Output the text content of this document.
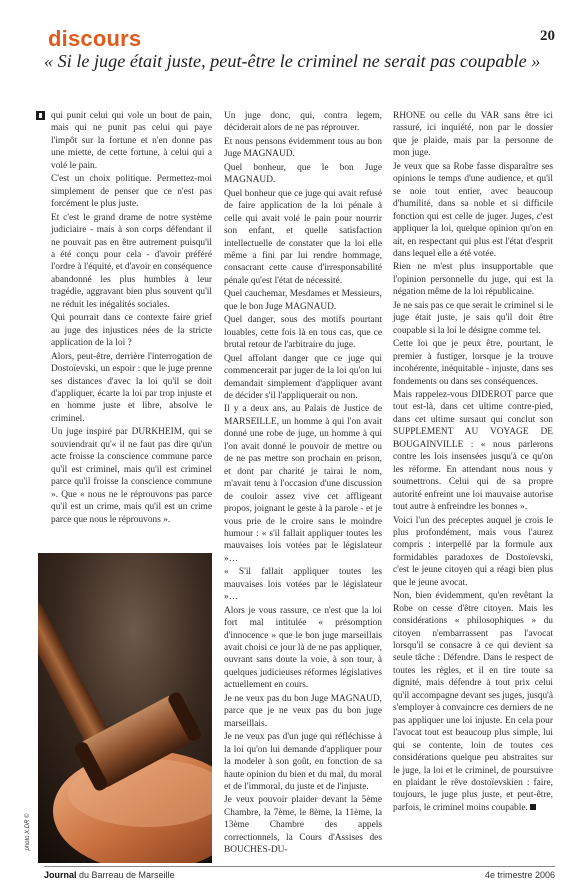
discours	20
« Si le juge était juste, peut-être le criminel ne serait pas coupable »

qui punit celui qui vole un bout de pain, mais qui ne punit pas celui qui paye l'impôt sur la fortune et n'en donne pas une miette, de cette fortune, à celui qui a volé le pain.

C'est un choix politique. Permettez-moi simplement de penser que ce n'est pas forcément le plus juste.

Et c'est le grand drame de notre système judiciaire - mais à son corps défendant il ne pouvait pas en être autrement puisqu'il a été conçu pour cela - d'avoir préféré l'ordre à l'équité, et d'avoir en conséquence abandonné les plus humbles à leur tragédie, aggravant bien plus souvent qu'il ne réduit les inégalités sociales.

Qui pourrait dans ce contexte faire grief au juge des injustices nées de la stricte application de la loi ?

Alors, peut-être, derrière l'interrogation de Dostoïevski, un espoir : que le juge prenne ses distances d'avec la loi qu'il se doit d'appliquer, écarte la loi par trop injuste et en homme juste et libre, absolve le criminel.

Un juge inspiré par DURKHEIM, qui se souviendrait qu'« il ne faut pas dire qu'un acte froisse la conscience commune parce qu'il est criminel, mais qu'il est criminel parce qu'il froisse la conscience commune ». Que « nous ne le réprouvons pas parce qu'il est un crime, mais qu'il est un crime parce que nous le réprouvons ».

photo X.DR ©

Un juge donc, qui, contra legem, déciderait alors de ne pas réprouver.

Et nous pensons évidemment tous au bon Juge MAGNAUD.

Quel bonheur, que le bon Juge MAGNAUD.

Quel bonheur que ce juge qui avait refusé de faire application de la loi pénale à celle qui avait volé le pain pour nourrir son enfant, et quelle satisfaction intellectuelle de constater que la loi elle même a fini par lui rendre hommage, consacrant cette cause d'irresponsabilité pénale qu'est l'état de nécessité.

Quel cauchemar, Mesdames et Messieurs, que le bon Juge MAGNAUD.

Quel danger, sous des motifs pourtant louables, cette fois là en tous cas, que ce brutal retour de l'arbitraire du juge.

Quel affolant danger que ce juge qui commencerait par juger de la loi qu'on lui demandait simplement d'appliquer avant de décider s'il l'appliquerait ou non.

Il y a deux ans, au Palais de Justice de MARSEILLE, un homme à qui l'on avait donné une robe de juge, un homme à qui l'on avait donné le pouvoir de mettre ou de ne pas mettre son prochain en prison, et dont par charité je tairai le nom, m'avait tenu à l'occasion d'une discussion de couloir assez vive cet affligeant propos, joignant le geste à la parole - et je vous prie de le croire sans le moindre humour : « s'il fallait appliquer toutes les mauvaises lois votées par le législateur »…

« S'il fallait appliquer toutes les mauvaises lois votées par le législateur »…

Alors je vous rassure, ce n'est que la loi fort mal intitulée « présomption d'innocence » que le bon juge marseillais avait choisi ce jour là de ne pas appliquer, ouvrant sans doute la voie, à son tour, à quelques judicieuses réformes législatives actuellement en cours.

Je ne veux pas du bon Juge MAGNAUD, parce que je ne veux pas du bon juge marseillais.

Je ne veux pas d'un juge qui réfléchisse à la loi qu'on lui demande d'appliquer pour la modeler à son goût, en fonction de sa haute opinion du bien et du mal, du moral et de l'immoral, du juste et de l'injuste.

Je veux pouvoir plaider devant la 5ème Chambre, la 7ème, le 8ème, la 11ème, la 13ème Chambre des appels correctionnels, la Cours d'Assises des BOUCHES-DU-

RHONE ou celle du VAR sans être ici rassuré, ici inquiété, non par le dossier que je plaide, mais par la personne de mon juge.

Je veux que sa Robe fasse disparaître ses opinions le temps d'une audience, et qu'il se noie tout entier, avec beaucoup d'humilité, dans sa noble et si difficile fonction qui est celle de juger. Juges, c'est appliquer la loi, quelque opinion qu'on en ait, en respectant qui plus est l'état d'esprit dans lequel elle a été votée.

Rien ne m'est plus insupportable que l'opinion personnelle du juge, qui est la négation même de la loi républicaine.

Je ne sais pas ce que serait le criminel si le juge était juste, je sais qu'il doit être coupable si la loi le désigne comme tel.

Cette loi que je peux être, pourtant, le premier à fustiger, lorsque je la trouve incohérente, inéquitable - injuste, dans ses fondements ou dans ses conséquences.

Mais rappelez-vous DIDEROT parce que tout est-là, dans cet ultime contre-pied, dans cet ultime sursaut qui conclut son SUPPLEMENT AU VOYAGE DE BOUGAINVILLE : « nous parlerons contre les lois insensées jusqu'à ce qu'on les réforme. En attendant nous nous y soumettrons. Celui qui de sa propre autorité enfreint une loi mauvaise autorise tout autre à enfreindre les bonnes ».

Voici l'un des préceptes auquel je crois le plus profondément, mais vous l'aurez compris : interpellé par la formule aux formidables paradoxes de Dostoïevski, c'est le jeune citoyen qui a réagi bien plus que le jeune avocat.

Non, bien évidemment, qu'en revêtant la Robe on cesse d'être citoyen. Mais les considérations « philosophiques » du citoyen n'embarrassent pas l'avocat lorsqu'il se consacre à ce qui devient sa seule tâche : Défendre. Dans le respect de toutes les règles, et il en tire toute sa dignité, mais défendre à tout prix celui qu'il accompagne devant ses juges, jusqu'à s'employer à convaincre ces derniers de ne pas appliquer une loi injuste. En cela pour l'avocat tout est beaucoup plus simple, lui qui se contente, loin de toutes ces considérations quelque peu abstraites sur le juge, la loi et le criminel, de poursuivre en plaidant le rêve dostoïevskien : faire, toujours, le juge plus juste, et peut-être, parfois, le criminel moins coupable.

Journal du Barreau de Marseille	4e trimestre 2006
